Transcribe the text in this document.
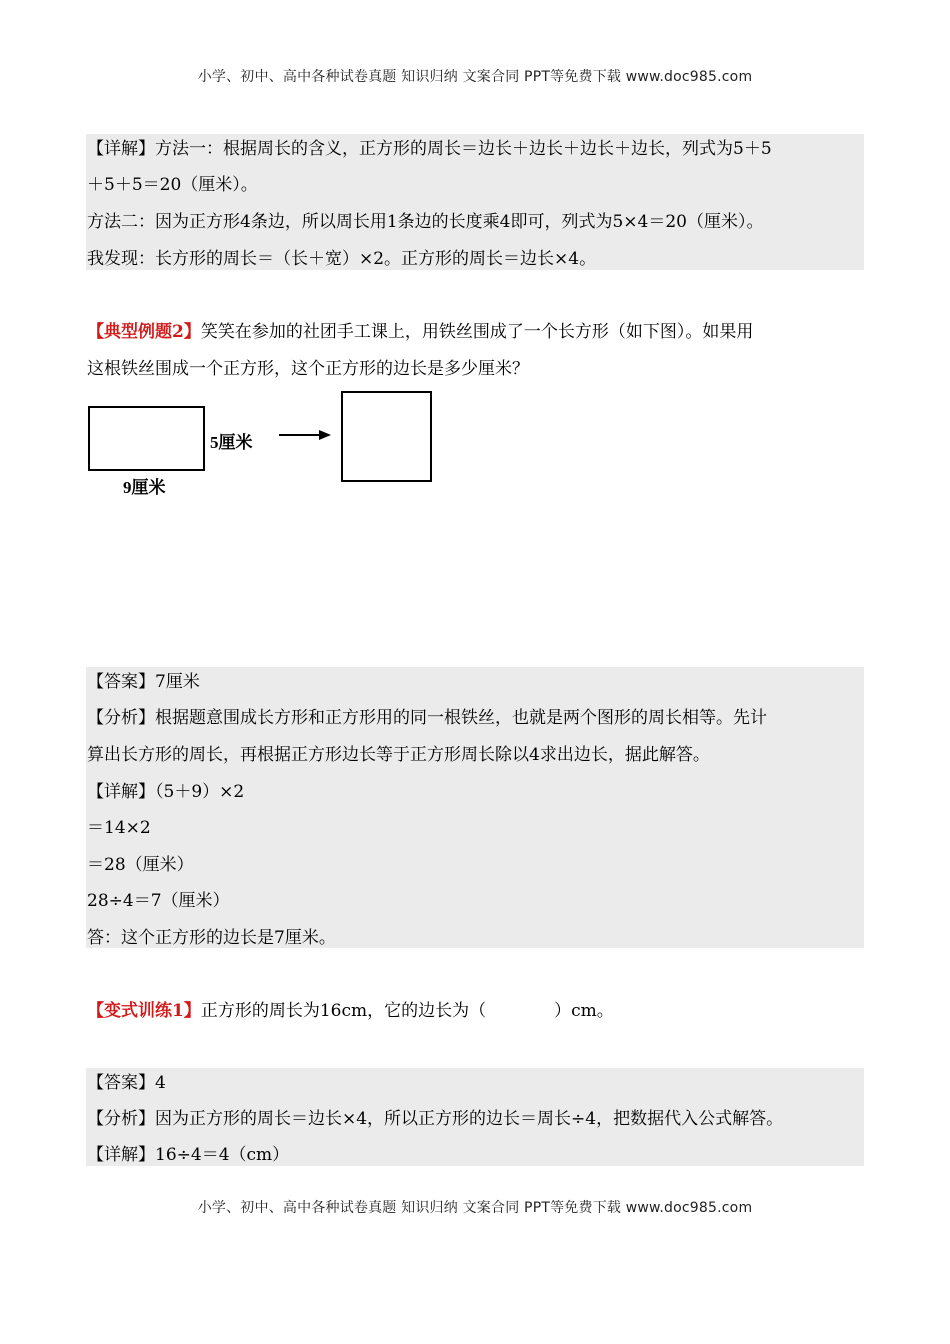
小学、初中、高中各种试卷真题 知识归纳 文案合同 PPT等免费下载 www.doc985.com
【详解】方法一：根据周长的含义，正方形的周长＝边长＋边长＋边长＋边长，列式为5＋5
＋5＋5＝20（厘米）。
方法二：因为正方形4条边，所以周长用1条边的长度乘4即可，列式为5×4＝20（厘米）。
我发现：长方形的周长＝（长＋宽）×2。正方形的周长＝边长×4。
【典型例题2】笑笑在参加的社团手工课上，用铁丝围成了一个长方形（如下图）。如果用
这根铁丝围成一个正方形，这个正方形的边长是多少厘米？
9厘米
5厘米
【答案】7厘米
【分析】根据题意围成长方形和正方形用的同一根铁丝，也就是两个图形的周长相等。先计
算出长方形的周长，再根据正方形边长等于正方形周长除以4求出边长，据此解答。
【详解】（5＋9）×2
＝14×2
＝28（厘米）
28÷4＝7（厘米）
答：这个正方形的边长是7厘米。
【变式训练1】正方形的周长为16cm，它的边长为（　　　　）cm。
【答案】4
【分析】因为正方形的周长＝边长×4，所以正方形的边长＝周长÷4，把数据代入公式解答。
【详解】16÷4＝4（cm）
小学、初中、高中各种试卷真题 知识归纳 文案合同 PPT等免费下载 www.doc985.com
